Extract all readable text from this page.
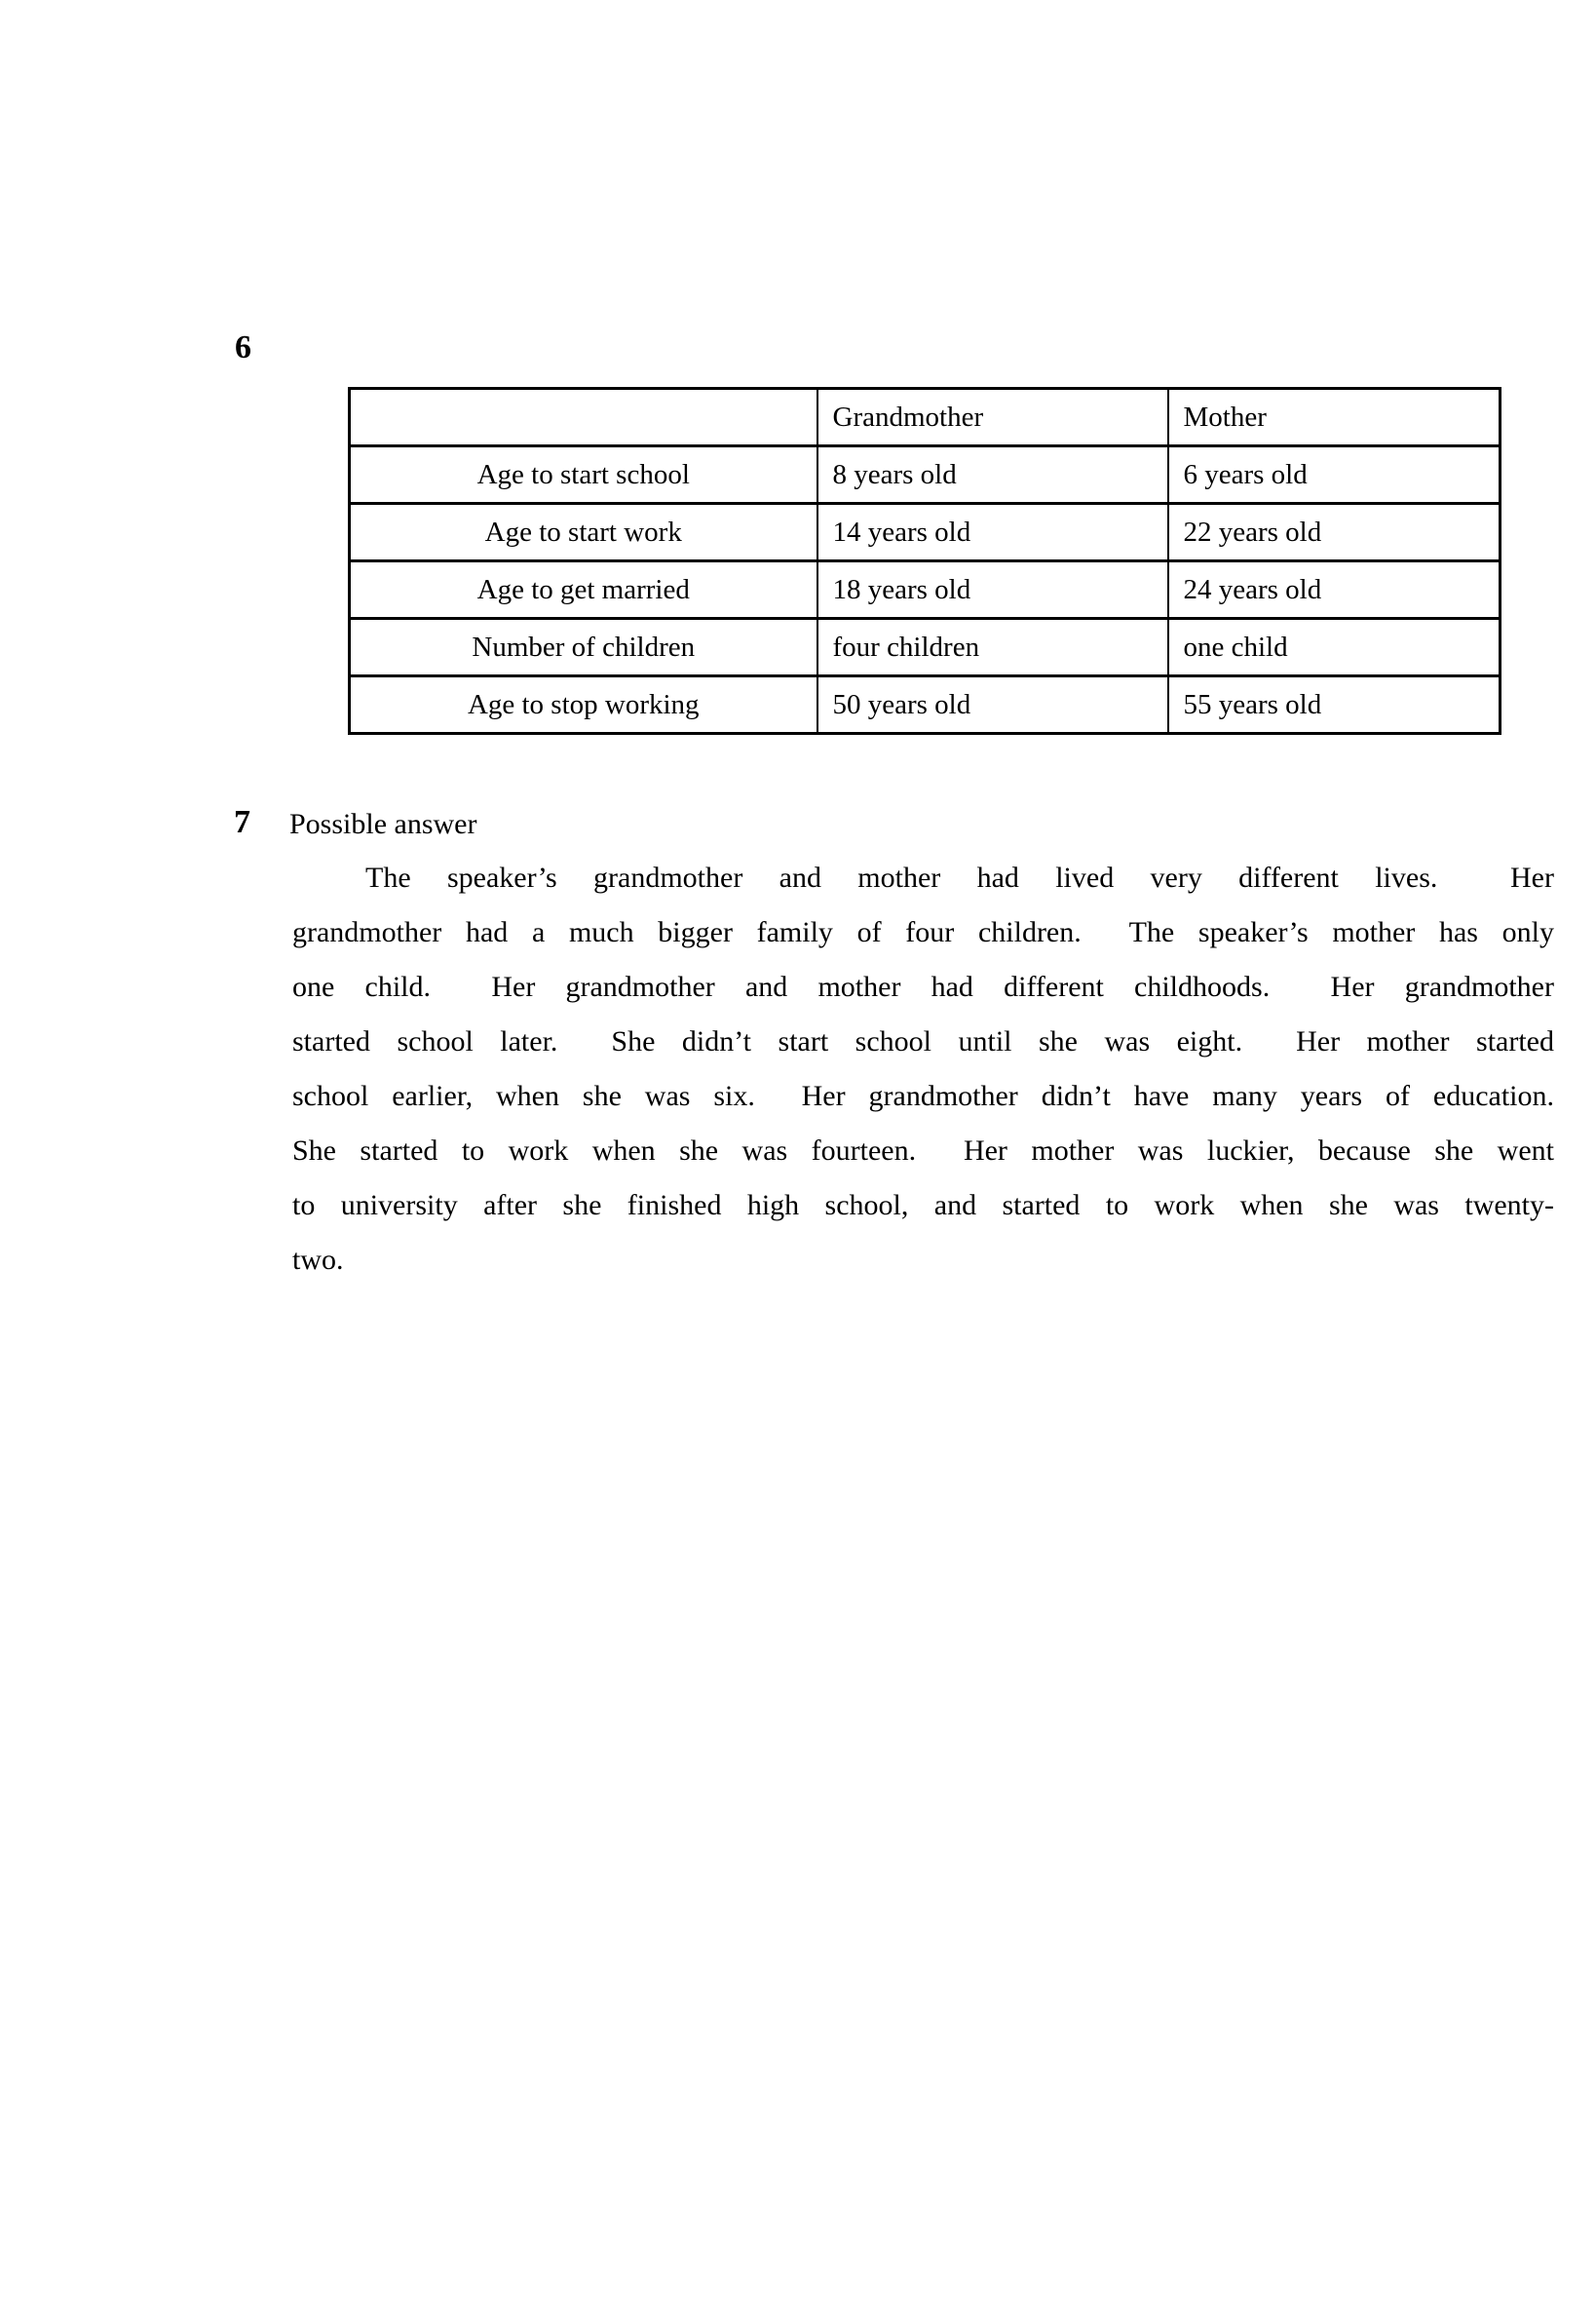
6
	Grandmother	Mother
Age to start school	8 years old	6 years old
Age to start work	14 years old	22 years old
Age to get married	18 years old	24 years old
Number of children	four children	one child
Age to stop working	50 years old	55 years old
7 Possible answer
The speaker’s grandmother and mother had lived very different lives.  Her
grandmother had a much bigger family of four children.  The speaker’s mother has only
one child.  Her grandmother and mother had different childhoods.  Her grandmother
started school later.  She didn’t start school until she was eight.  Her mother started
school earlier, when she was six.  Her grandmother didn’t have many years of education.
She started to work when she was fourteen.  Her mother was luckier, because she went
to university after she finished high school, and started to work when she was twenty-
two.
